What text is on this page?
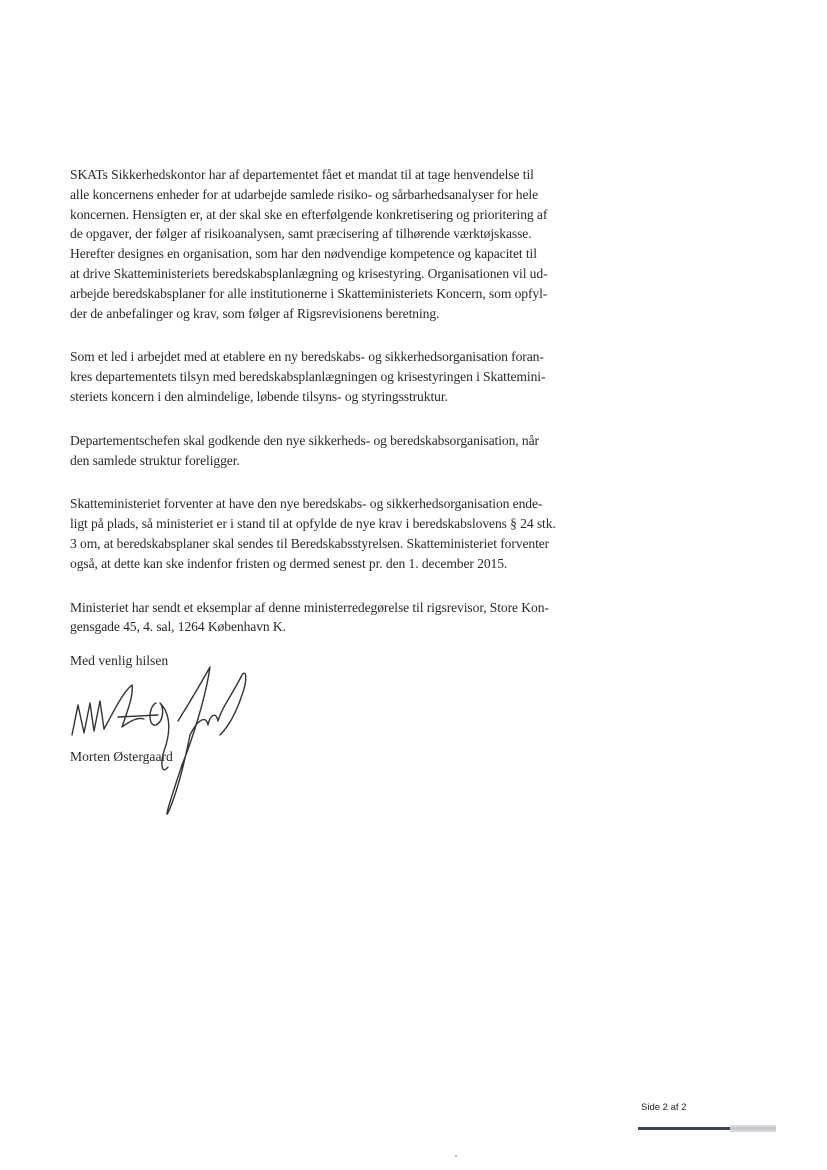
SKATs Sikkerhedskontor har af departementet fået et mandat til at tage henvendelse til
alle koncernens enheder for at udarbejde samlede risiko- og sårbarhedsanalyser for hele
koncernen. Hensigten er, at der skal ske en efterfølgende konkretisering og prioritering af
de opgaver, der følger af risikoanalysen, samt præcisering af tilhørende værktøjskasse.
Herefter designes en organisation, som har den nødvendige kompetence og kapacitet til
at drive Skatteministeriets beredskabsplanlægning og krisestyring. Organisationen vil ud-
arbejde beredskabsplaner for alle institutionerne i Skatteministeriets Koncern, som opfyl-
der de anbefalinger og krav, som følger af Rigsrevisionens beretning.

Som et led i arbejdet med at etablere en ny beredskabs- og sikkerhedsorganisation foran-
kres departementets tilsyn med beredskabsplanlægningen og krisestyringen i Skattemini-
steriets koncern i den almindelige, løbende tilsyns- og styringsstruktur.

Departementschefen skal godkende den nye sikkerheds- og beredskabsorganisation, når
den samlede struktur foreligger.

Skatteministeriet forventer at have den nye beredskabs- og sikkerhedsorganisation ende-
ligt på plads, så ministeriet er i stand til at opfylde de nye krav i beredskabslovens § 24 stk.
3 om, at beredskabsplaner skal sendes til Beredskabsstyrelsen. Skatteministeriet forventer
også, at dette kan ske indenfor fristen og dermed senest pr. den 1. december 2015.

Ministeriet har sendt et eksemplar af denne ministerredegørelse til rigsrevisor, Store Kon-
gensgade 45, 4. sal, 1264 København K.

Med venlig hilsen
Morten Østergaard
Side 2 af 2
